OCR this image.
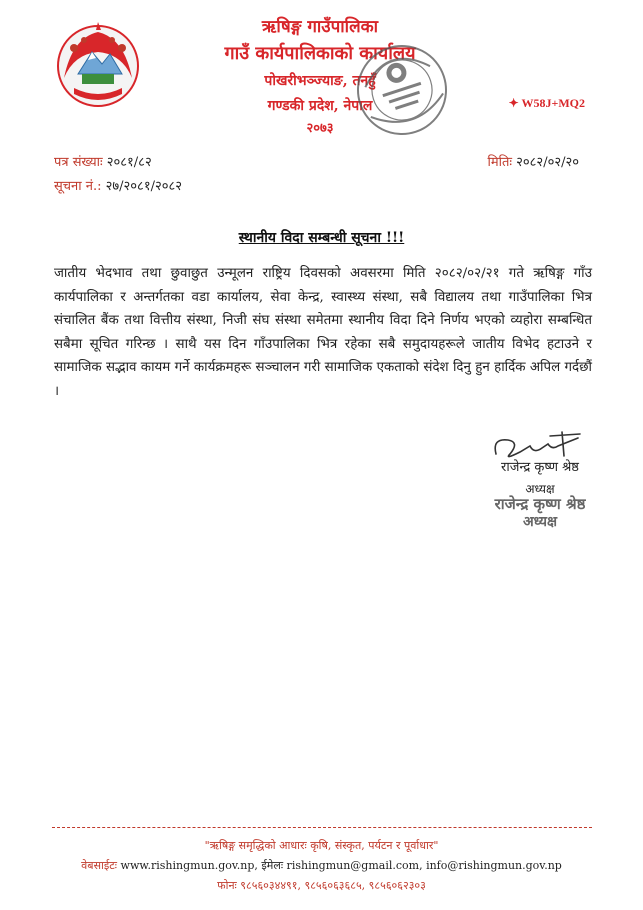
ऋषिङ्ग गाउँपालिका
गाउँ कार्यपालिकाको कार्यालय
पोखरीभञ्ज्याङ, तनहुँ
गण्डकी प्रदेश, नेपाल
२०७३
✦ W58J+MQ2
पत्र संख्याः २०८१/८२
सूचना नं.: २७/२०८१/२०८२
मितिः २०८२/०२/२०
स्थानीय विदा सम्बन्धी सूचना !!!

जातीय भेदभाव तथा छुवाछुत उन्मूलन राष्ट्रिय दिवसको अवसरमा मिति २०८२/०२/२१ गते ऋषिङ्ग गाँउ कार्यपालिका र अन्तर्गतका वडा कार्यालय, सेवा केन्द्र, स्वास्थ्य संस्था, सबै विद्यालय तथा गाउँपालिका भित्र संचालित बैंक तथा वित्तीय संस्था, निजी संघ संस्था समेतमा स्थानीय विदा दिने निर्णय भएको व्यहोरा सम्बन्धित सबैमा सूचित गरिन्छ । साथै यस दिन गाँउपालिका भित्र रहेका सबै समुदायहरूले जातीय विभेद हटाउने र सामाजिक सद्भाव कायम गर्ने कार्यक्रमहरू सञ्चालन गरी सामाजिक एकताको संदेश दिनु हुन हार्दिक अपिल गर्दछौं ।

राजेन्द्र कृष्ण श्रेष्ठ
अध्यक्ष
राजेन्द्र कृष्ण श्रेष्ठ
अध्यक्ष
"ऋषिङ्ग समृद्धिको आधारः कृषि, संस्कृत, पर्यटन र पूर्वाधार"
वेबसाईटः www.rishingmun.gov.np, ईमेलः rishingmun@gmail.com, info@rishingmun.gov.np
फोनः ९८५६०३४४९१, ९८५६०६३६८५, ९८५६०६२३०३
